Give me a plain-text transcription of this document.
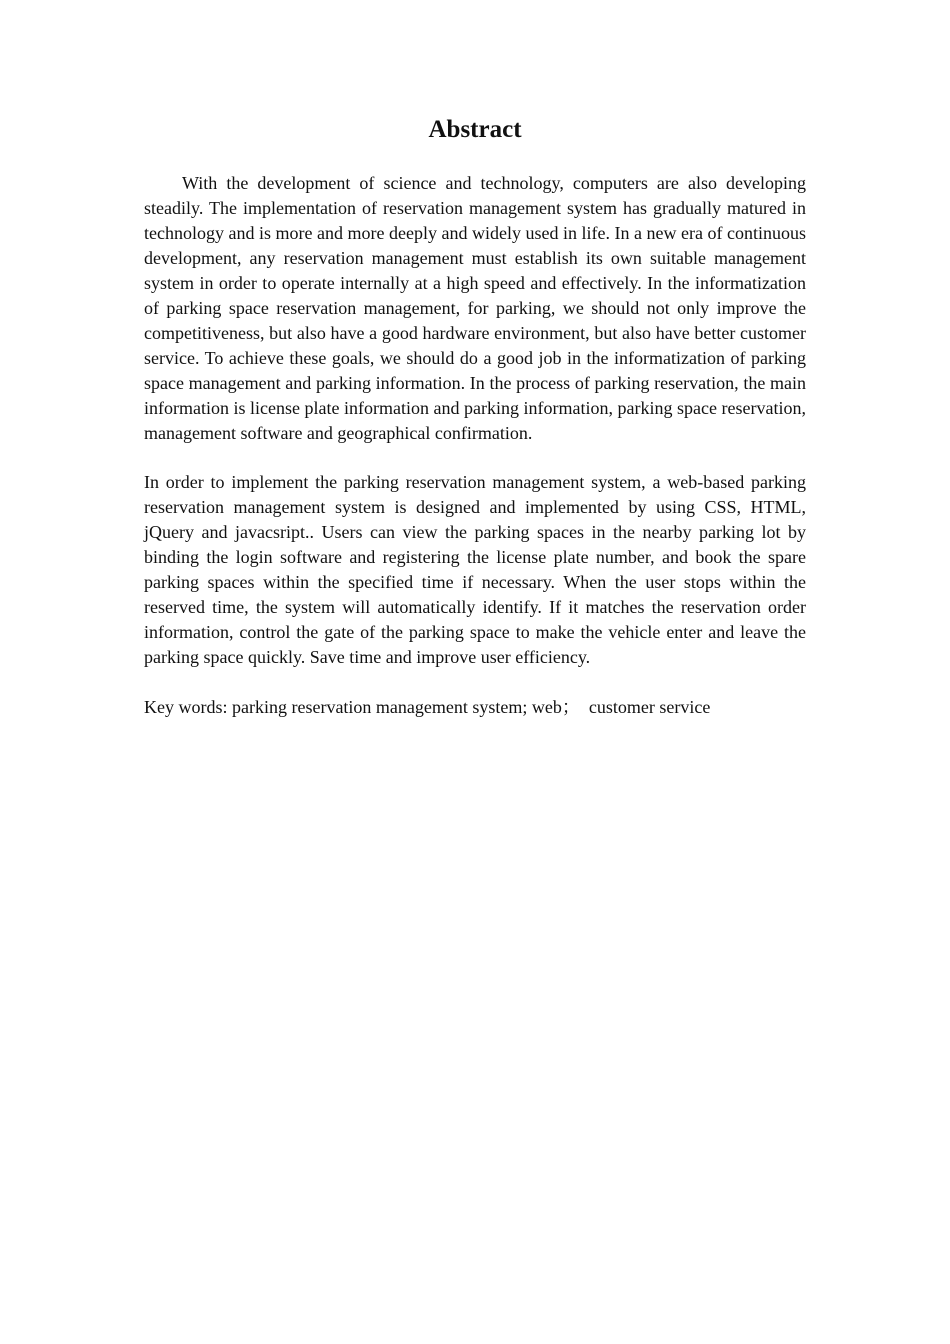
Abstract

With the development of science and technology, computers are also developing steadily. The implementation of reservation management system has gradually matured in technology and is more and more deeply and widely used in life. In a new era of continuous development, any reservation management must establish its own suitable management system in order to operate internally at a high speed and effectively. In the informatization of parking space reservation management, for parking, we should not only improve the competitiveness, but also have a good hardware environment, but also have better customer service. To achieve these goals, we should do a good job in the informatization of parking space management and parking information. In the process of parking reservation, the main information is license plate information and parking information, parking space reservation, management software and geographical confirmation.

In order to implement the parking reservation management system, a web-based parking reservation management system is designed and implemented by using CSS, HTML, jQuery and javacsript.. Users can view the parking spaces in the nearby parking lot by binding the login software and registering the license plate number, and book the spare parking spaces within the specified time if necessary. When the user stops within the reserved time, the system will automatically identify. If it matches the reservation order information, control the gate of the parking space to make the vehicle enter and leave the parking space quickly. Save time and improve user efficiency.

Key words: parking reservation management system; web；  customer service
